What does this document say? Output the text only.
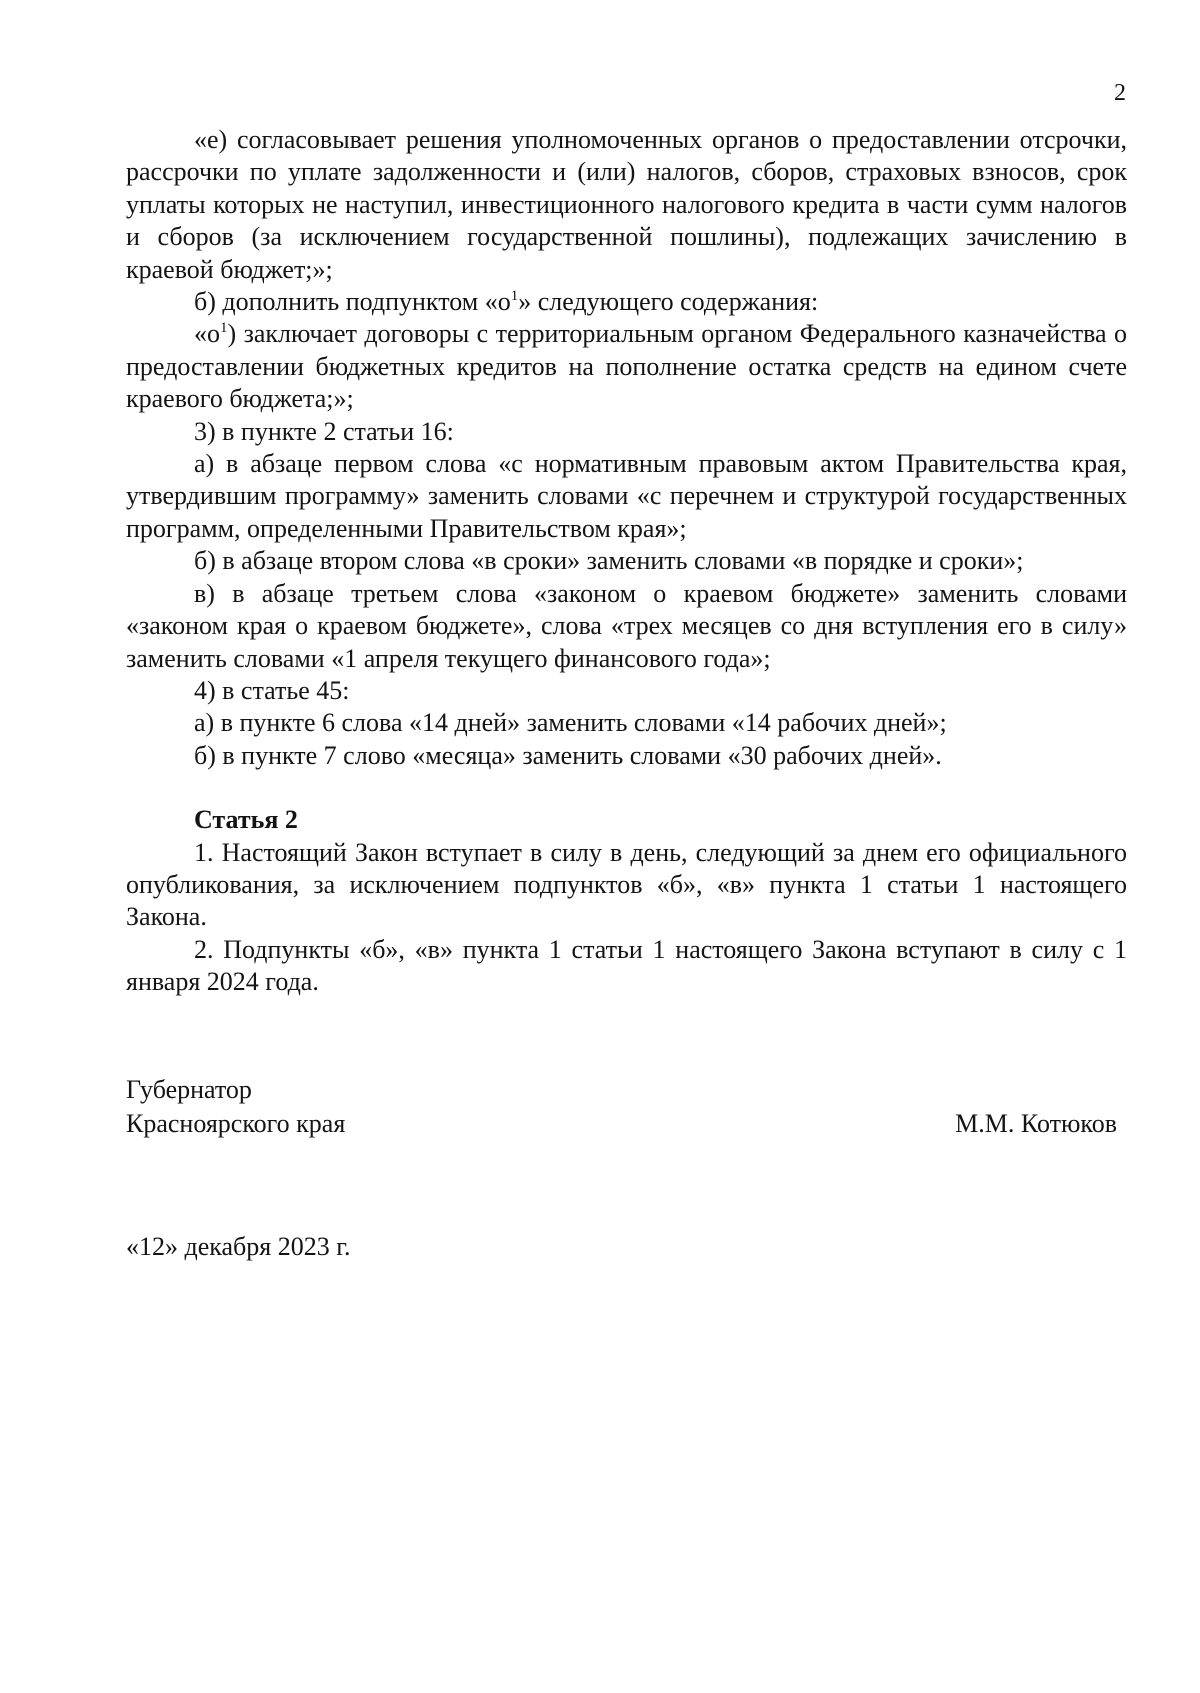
2

«е) согласовывает решения уполномоченных органов о предоставлении отсрочки, рассрочки по уплате задолженности и (или) налогов, сборов, страховых взносов, срок уплаты которых не наступил, инвестиционного налогового кредита в части сумм налогов и сборов (за исключением государственной пошлины), подлежащих зачислению в краевой бюджет;»;

б) дополнить подпунктом «$о^1$» следующего содержания:

«$о^1$) заключает договоры с территориальным органом Федерального казначейства о предоставлении бюджетных кредитов на пополнение остатка средств на едином счете краевого бюджета;»;

3) в пункте 2 статьи 16:

а) в абзаце первом слова «с нормативным правовым актом Правительства края, утвердившим программу» заменить словами «с перечнем и структурой государственных программ, определенными Правительством края»;

б) в абзаце втором слова «в сроки» заменить словами «в порядке и сроки»;

в) в абзаце третьем слова «законом о краевом бюджете» заменить словами «законом края о краевом бюджете», слова «трех месяцев со дня вступления его в силу» заменить словами «1 апреля текущего финансового года»;

4) в статье 45:

а) в пункте 6 слова «14 дней» заменить словами «14 рабочих дней»;

б) в пункте 7 слово «месяца» заменить словами «30 рабочих дней».

Статья 2

1. Настоящий Закон вступает в силу в день, следующий за днем его официального опубликования, за исключением подпунктов «б», «в» пункта 1 статьи 1 настоящего Закона.

2. Подпункты «б», «в» пункта 1 статьи 1 настоящего Закона вступают в силу с 1 января 2024 года.

Губернатор
Красноярского края	М.М. Котюков
«12» декабря 2023 г.
